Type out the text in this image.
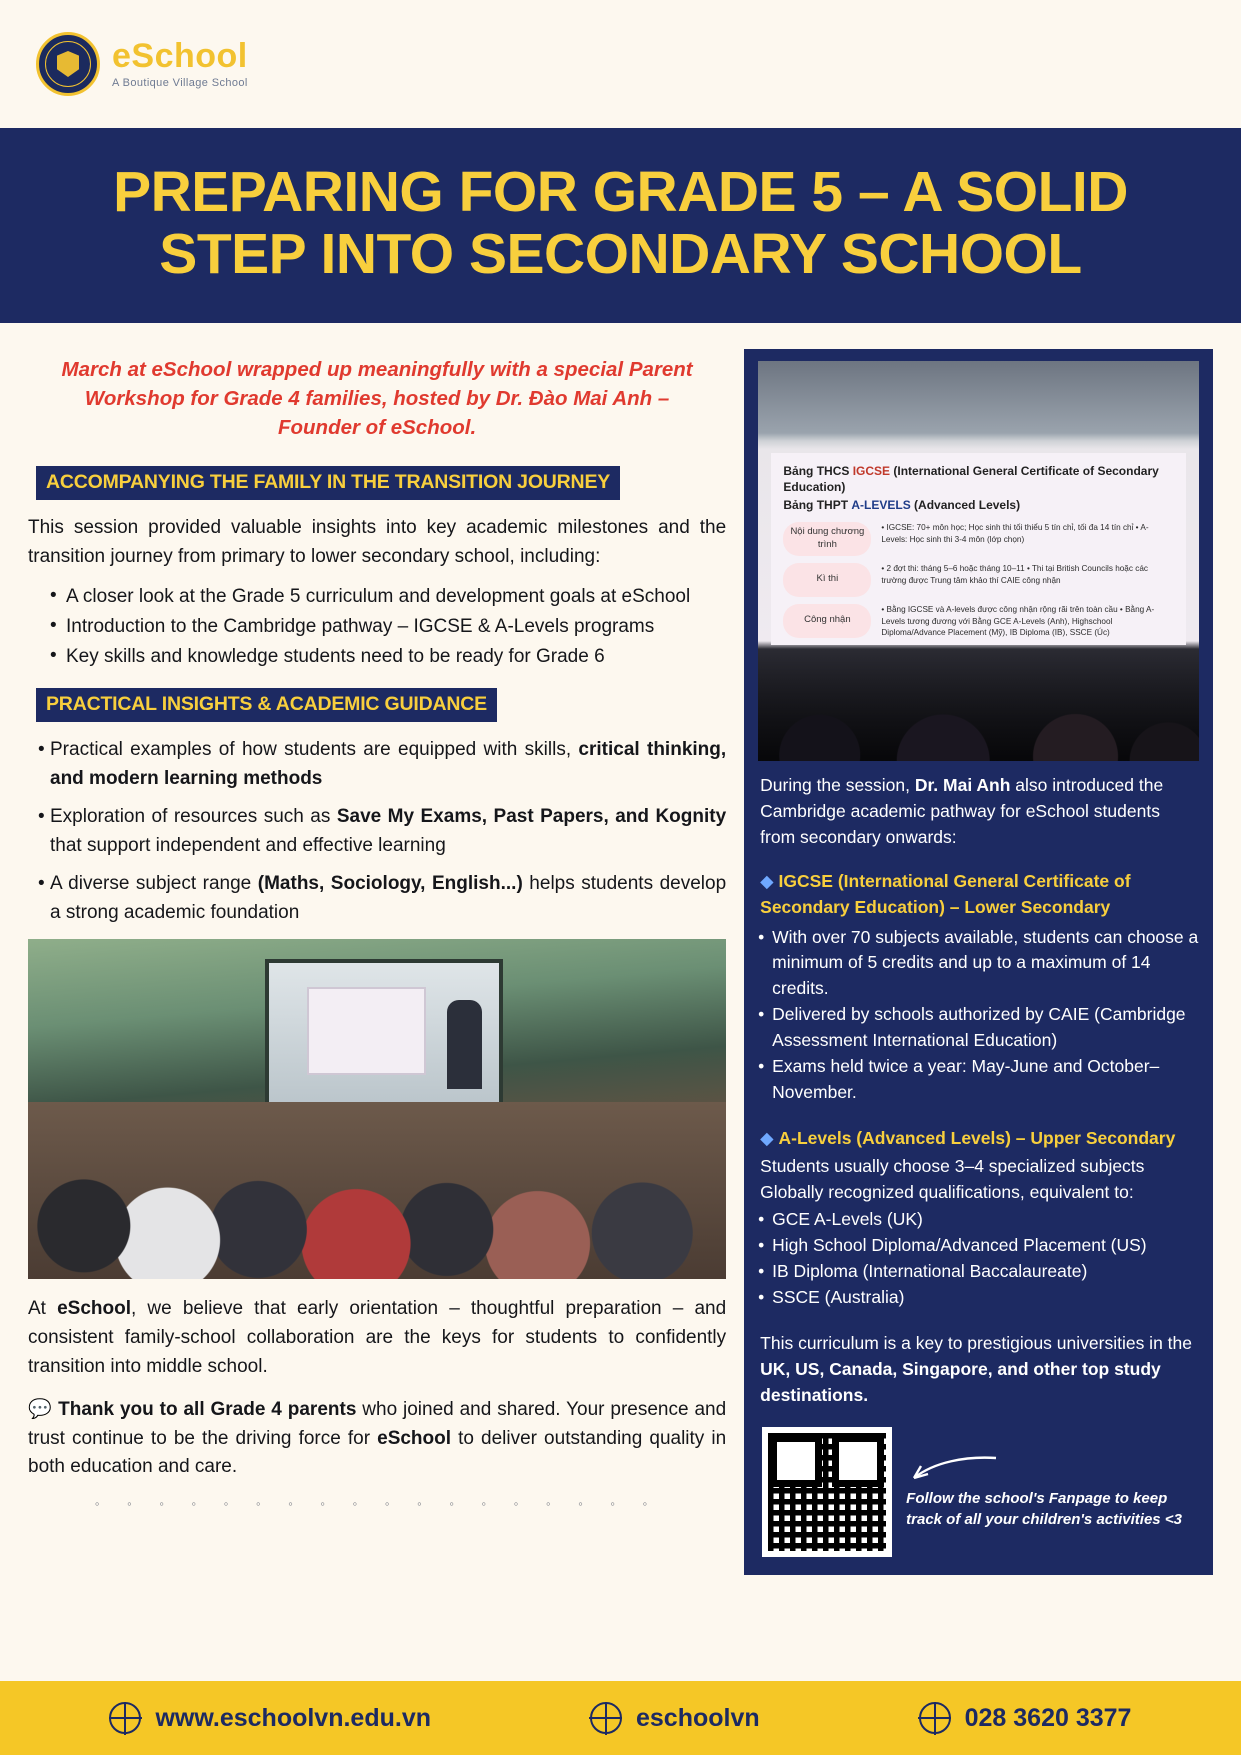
eSchool
A Boutique Village School
PREPARING FOR GRADE 5 – A SOLID STEP INTO SECONDARY SCHOOL
March at eSchool wrapped up meaningfully with a special Parent Workshop for Grade 4 families, hosted by Dr. Đào Mai Anh – Founder of eSchool.
ACCOMPANYING THE FAMILY IN THE TRANSITION JOURNEY

This session provided valuable insights into key academic milestones and the transition journey from primary to lower secondary school, including:

• A closer look at the Grade 5 curriculum and development goals at eSchool
• Introduction to the Cambridge pathway – IGCSE & A-Levels programs
• Key skills and knowledge students need to be ready for Grade 6
PRACTICAL INSIGHTS & ACADEMIC GUIDANCE

• Practical examples of how students are equipped with skills, critical thinking, and modern learning methods

• Exploration of resources such as Save My Exams, Past Papers, and Kognity that support independent and effective learning

• A diverse subject range (Maths, Sociology, English...) helps students develop a strong academic foundation

At eSchool, we believe that early orientation – thoughtful preparation – and consistent family-school collaboration are the keys for students to confidently transition into middle school.

💬 Thank you to all Grade 4 parents who joined and shared. Your presence and trust continue to be the driving force for eSchool to deliver outstanding quality in both education and care.

◦ ◦ ◦ ◦ ◦ ◦ ◦ ◦ ◦ ◦ ◦ ◦ ◦ ◦ ◦ ◦ ◦ ◦
Bảng THCS IGCSE (International General Certificate of Secondary Education)
Bảng THPT A-LEVELS (Advanced Levels)
Nội dung chương trình
• IGCSE: 70+ môn học; Học sinh thi tối thiểu 5 tín chỉ, tối đa 14 tín chỉ • A-Levels: Học sinh thi 3-4 môn (lớp chọn)
Kì thi
• 2 đợt thi: tháng 5–6 hoặc tháng 10–11 • Thi tại British Councils hoặc các trường được Trung tâm khảo thí CAIE công nhận
Công nhận
• Bằng IGCSE và A-levels được công nhận rộng rãi trên toàn cầu • Bằng A-Levels tương đương với Bằng GCE A-Levels (Anh), Highschool Diploma/Advance Placement (Mỹ), IB Diploma (IB), SSCE (Úc)
During the session, Dr. Mai Anh also introduced the Cambridge academic pathway for eSchool students from secondary onwards:
◆ IGCSE (International General Certificate of Secondary Education) – Lower Secondary
• With over 70 subjects available, students can choose a minimum of 5 credits and up to a maximum of 14 credits.
• Delivered by schools authorized by CAIE (Cambridge Assessment International Education)
• Exams held twice a year: May-June and October–November.
◆ A-Levels (Advanced Levels) – Upper Secondary
Students usually choose 3–4 specialized subjects
Globally recognized qualifications, equivalent to:
• GCE A-Levels (UK)
• High School Diploma/Advanced Placement (US)
• IB Diploma (International Baccalaureate)
• SSCE (Australia)
This curriculum is a key to prestigious universities in the UK, US, Canada, Singapore, and other top study destinations.
Follow the school's Fanpage to keep track of all your children's activities <3
www.eschoolvn.edu.vn	eschoolvn	028 3620 3377
